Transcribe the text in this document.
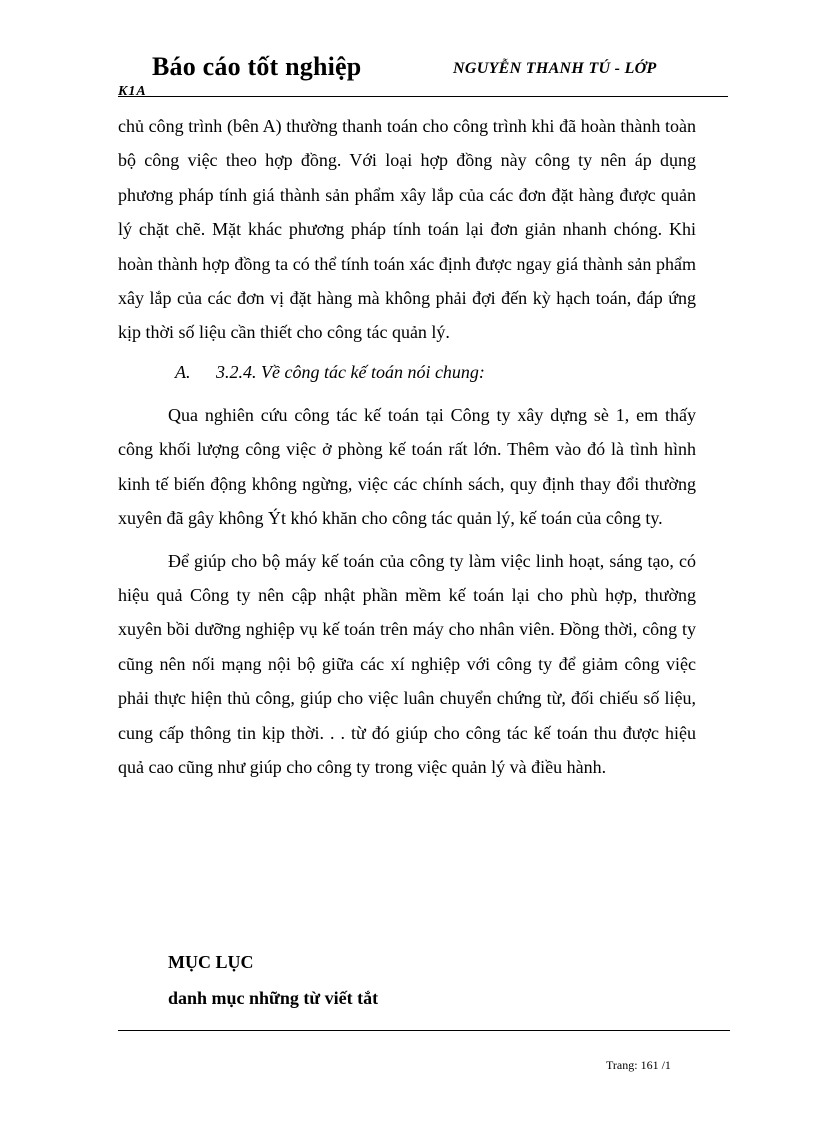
Báo cáo tốt nghiệp	NGUYỄN THANH TÚ - LỚP
K1A

chủ công trình (bên A) thường thanh toán cho công trình khi đã hoàn thành toàn bộ công việc theo hợp đồng. Với loại hợp đồng này công ty nên áp dụng phương pháp tính giá thành sản phẩm xây lắp của các đơn đặt hàng được quản lý chặt chẽ. Mặt khác phương pháp tính toán lại đơn giản nhanh chóng. Khi hoàn thành hợp đồng ta có thể tính toán xác định được ngay giá thành sản phẩm xây lắp của các đơn vị đặt hàng mà không phải đợi đến kỳ hạch toán, đáp ứng kịp thời số liệu cần thiết cho công tác quản lý.

A. 3.2.4. Về công tác kế toán nói chung:

Qua nghiên cứu công tác kế toán tại Công ty xây dựng sè 1, em thấy công khối lượng công việc ở phòng kế toán rất lớn. Thêm vào đó là tình hình kinh tế biến động không ngừng, việc các chính sách, quy định thay đổi thường xuyên đã gây không Ýt khó khăn cho công tác quản lý, kế toán của công ty.

Để giúp cho bộ máy kế toán của công ty làm việc linh hoạt, sáng tạo, có hiệu quả Công ty nên cập nhật phần mềm kế toán lại cho phù hợp, thường xuyên bồi dưỡng nghiệp vụ kế toán trên máy cho nhân viên. Đồng thời, công ty cũng nên nối mạng nội bộ giữa các xí nghiệp với công ty để giảm công việc phải thực hiện thủ công, giúp cho việc luân chuyển chứng từ, đối chiếu số liệu, cung cấp thông tin kịp thời. . . từ đó giúp cho công tác kế toán thu được hiệu quả cao cũng như giúp cho công ty trong việc quản lý và điều hành.

MỤC LỤC
danh mục những từ viết tắt
Trang: 161 /1
